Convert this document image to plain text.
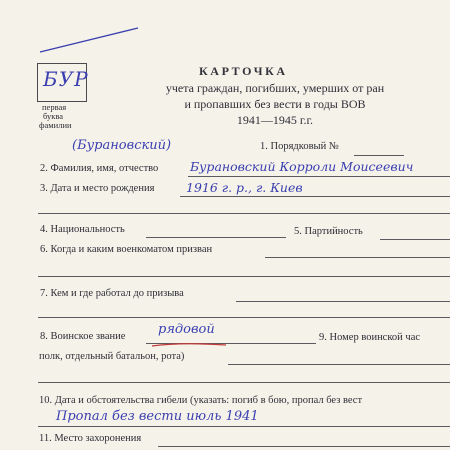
БУР
первая
буква
фамилии
КАРТОЧКА
учета граждан, погибших, умерших от ран
и пропавших без вести в годы ВОВ
1941—1945 г.г.
(Бурановский)	1. Порядковый №
2. Фамилия, имя, отчество	Бурановский Корроли Моисеевич
3. Дата и место рождения	1916 г. р., г. Киев
4. Национальность	5. Партийность
6. Когда и каким военкоматом призван
7. Кем и где работал до призыва
8. Воинское звание	рядовой
9. Номер воинской час
полк, отдельный батальон, рота)
10. Дата и обстоятельства гибели (указать: погиб в бою, пропал без вест
Пропал без вести июль 1941
11. Место захоронения
